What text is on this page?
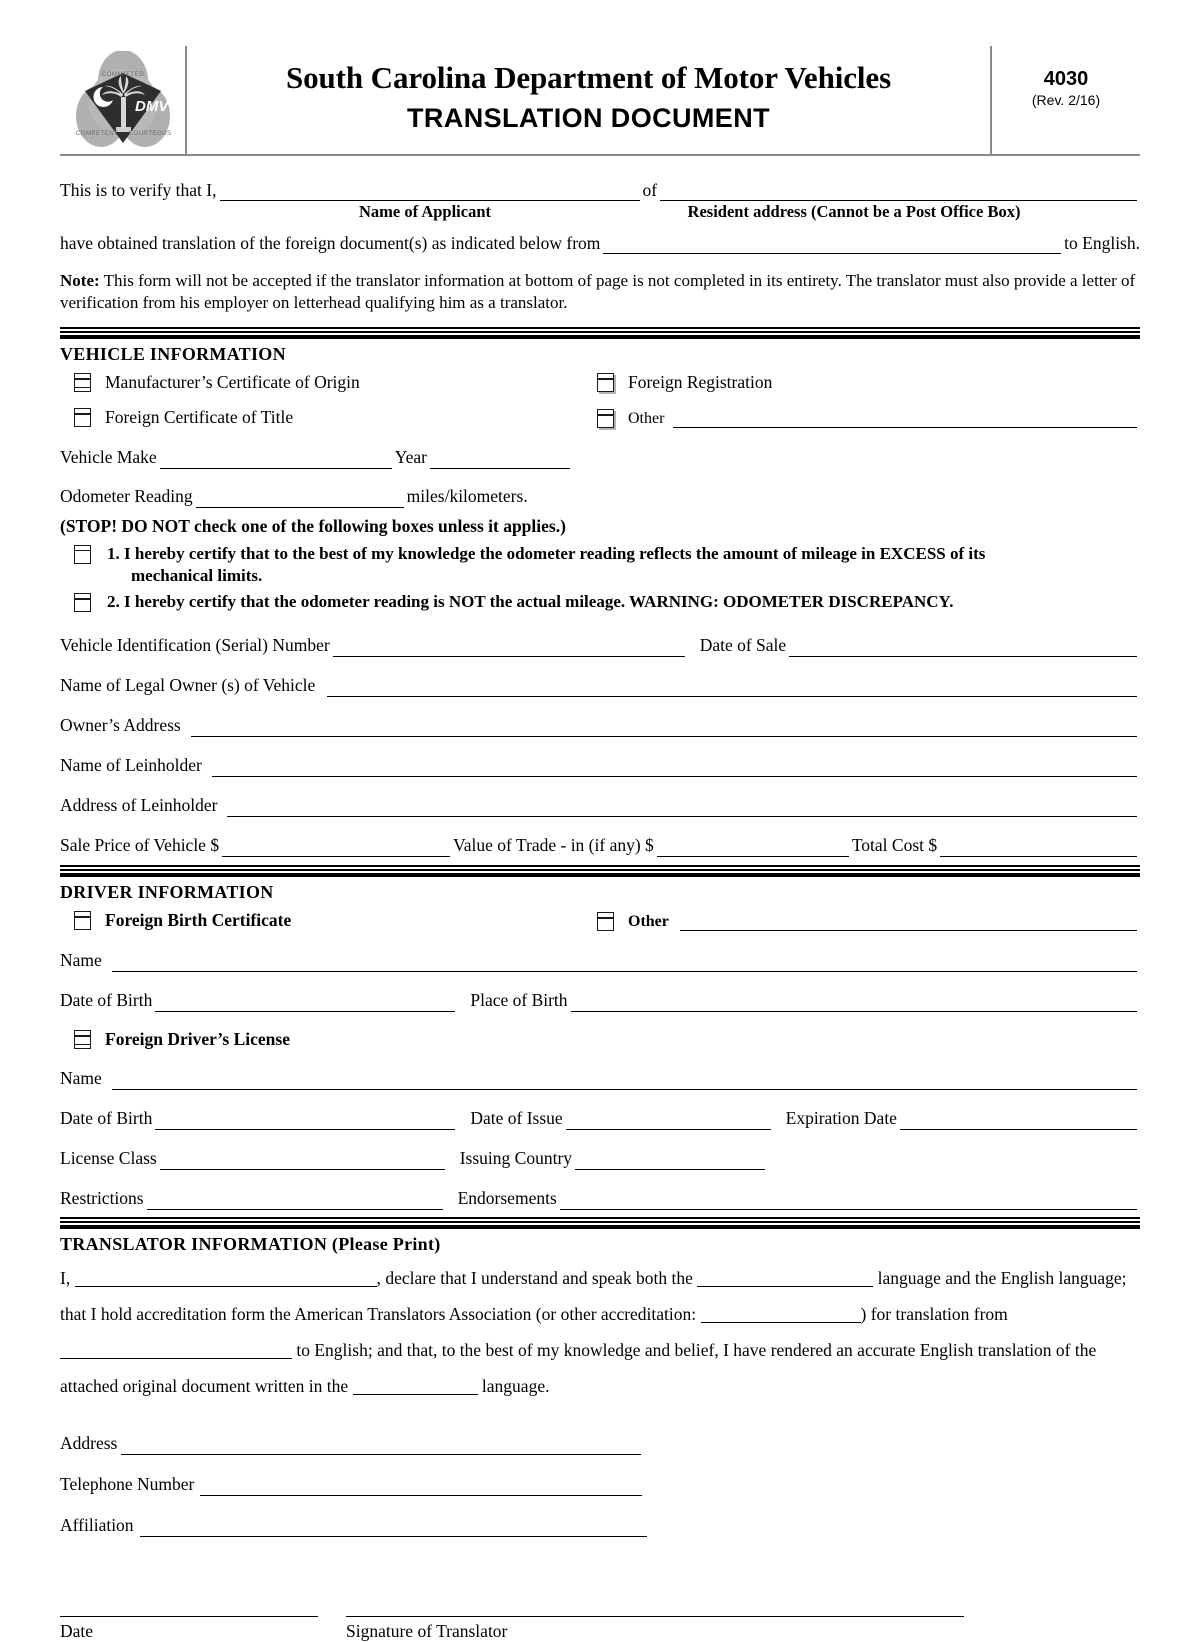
DMV
COMMITTED
COMPETENT COURTEOUS
South Carolina Department of Motor Vehicles
TRANSLATION DOCUMENT
4030
(Rev. 2/16)
This is to verify that I,	of
Name of Applicant	Resident address (Cannot be a Post Office Box)
have obtained translation of the foreign document(s) as indicated below from	to English.
Note: This form will not be accepted if the translator information at bottom of page is not completed in its entirety. The translator must also provide a letter of verification from his employer on letterhead qualifying him as a translator.
VEHICLE INFORMATION
Manufacturer’s Certificate of Origin	Foreign Registration
Foreign Certificate of Title	Other
Vehicle Make	Year
Odometer Reading	miles/kilometers.
(STOP! DO NOT check one of the following boxes unless it applies.)
1. I hereby certify that to the best of my knowledge the odometer reading reflects the amount of mileage in EXCESS of its
mechanical limits.
2. I hereby certify that the odometer reading is NOT the actual mileage. WARNING: ODOMETER DISCREPANCY.
Vehicle Identification (Serial) Number	Date of Sale
Name of Legal Owner (s) of Vehicle
Owner’s Address
Name of Leinholder
Address of Leinholder
Sale Price of Vehicle $	Value of Trade - in (if any) $	Total Cost $
DRIVER INFORMATION
Foreign Birth Certificate	Other
Name
Date of Birth	Place of Birth
Foreign Driver’s License
Name
Date of Birth	Date of Issue	Expiration Date
License Class	Issuing Country
Restrictions	Endorsements
TRANSLATOR INFORMATION (Please Print)
I,	, declare that I understand and speak both the	language and the English language; that I hold accreditation form the American Translators Association (or other accreditation:	) for translation from  to English; and that, to the best of my knowledge and belief, I have rendered an accurate English translation of the attached original document written in the	language.
Address
Telephone Number
Affiliation
Date	Signature of Translator
